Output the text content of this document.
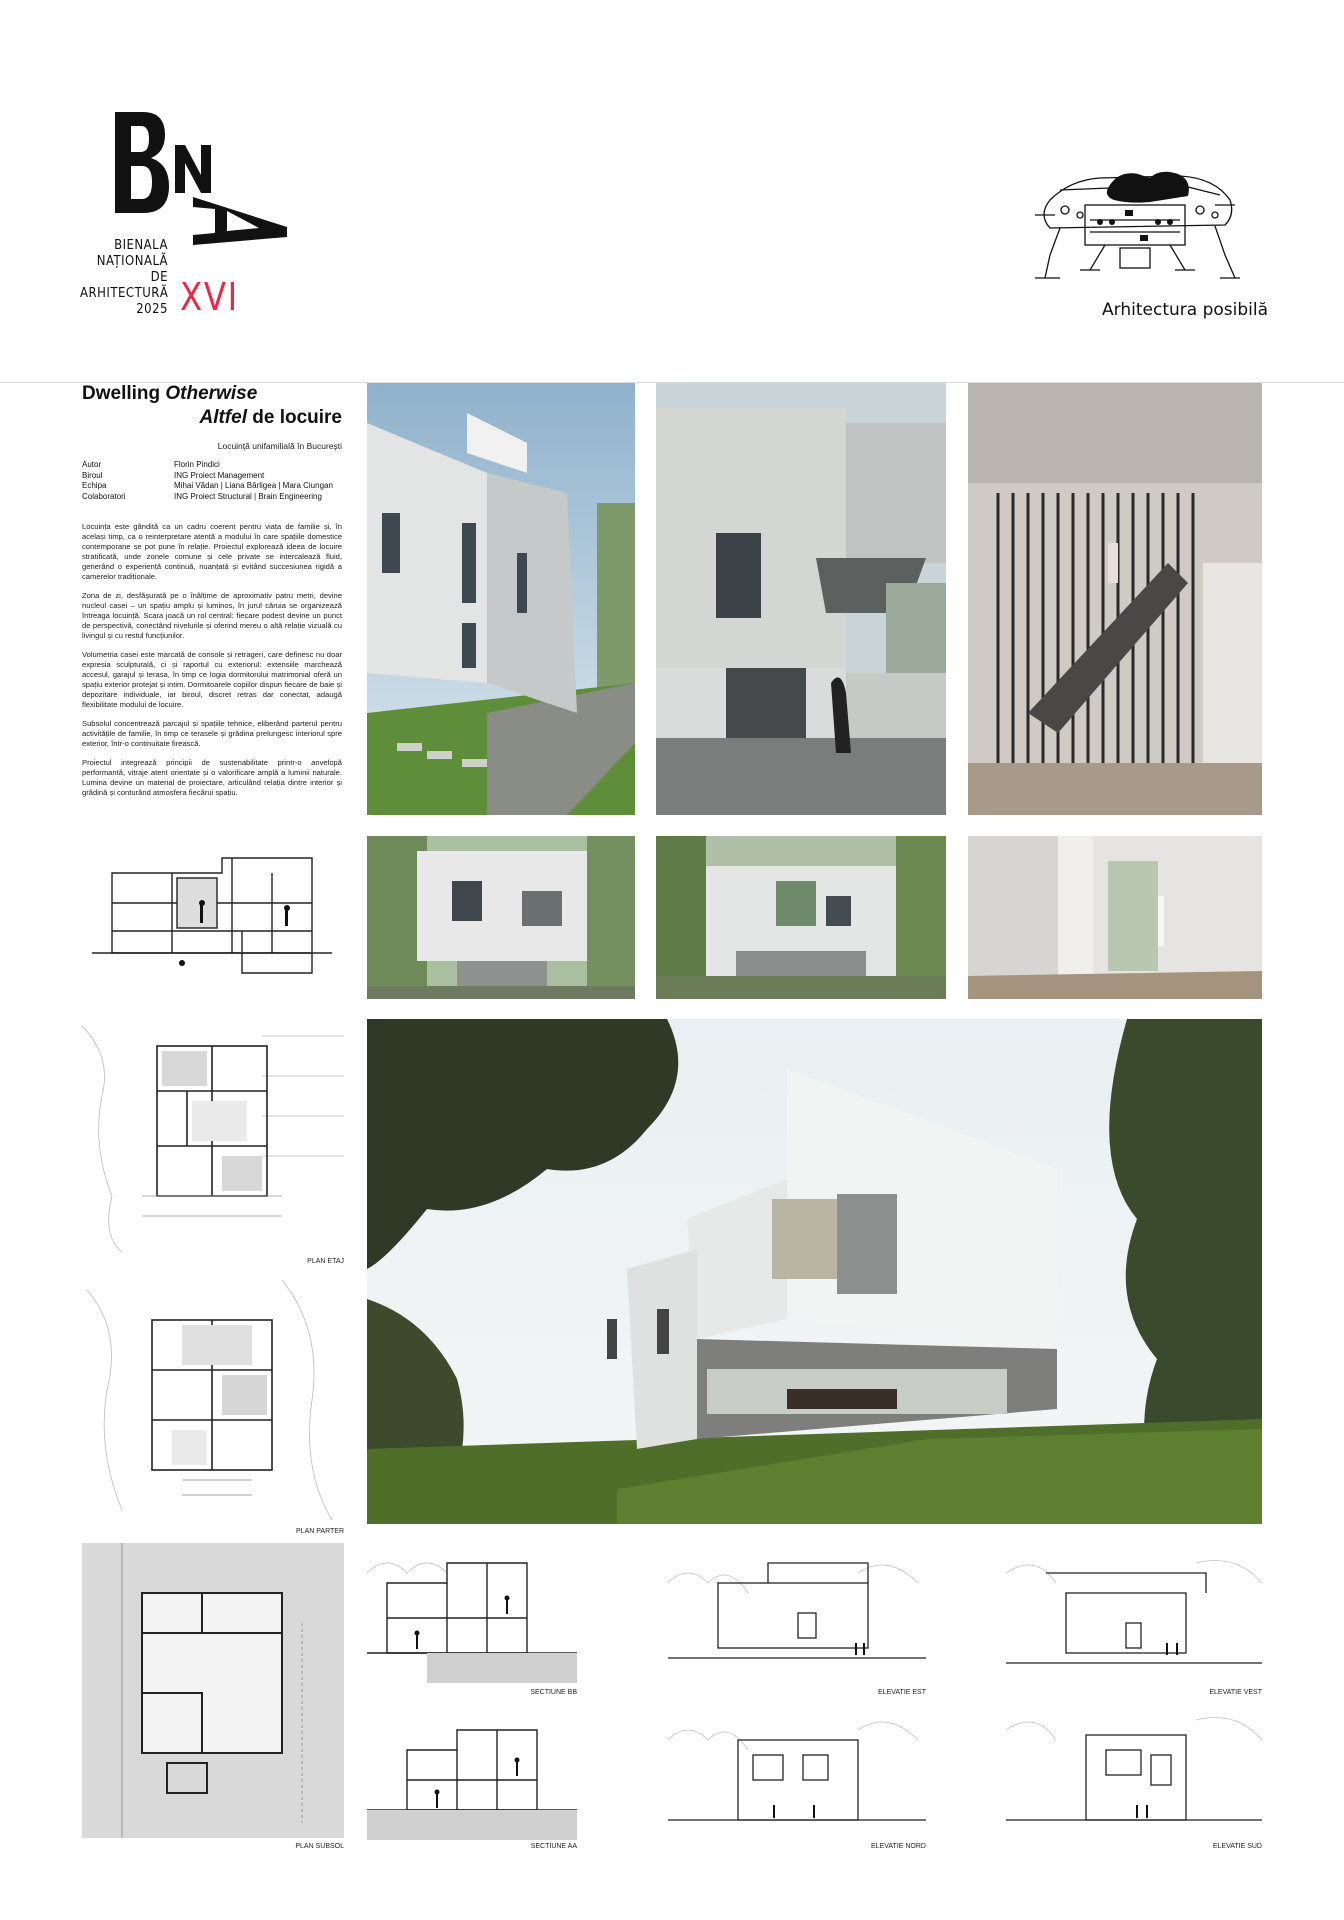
BIENALA
NAȚIONALĂ
DE
ARHITECTURĂ
2025 XVI	Arhitectura posibilă
Dwelling Otherwise
Altfel de locuire
Locuință unifamilială în București
Autor	Florin Pindici
Biroul	ING Proiect Management
Echipa	Mihai Vădan | Liana Bârligea | Mara Ciungan
Colaboratori	ING Proiect Structural | Brain Engineering

Locuința este gândită ca un cadru coerent pentru viața de familie și, în același timp, ca o reinterpretare atentă a modului în care spațiile domestice contemporane se pot pune în relație. Proiectul explorează ideea de locuire stratificată, unde zonele comune și cele private se intercalează fluid, generând o experiență continuă, nuanțată și evitând succesiunea rigidă a camerelor tradiționale.

Zona de zi, desfășurată pe o înălțime de aproximativ patru metri, devine nucleul casei – un spațiu amplu și luminos, în jurul căruia se organizează întreaga locuință. Scara joacă un rol central: fiecare podest devine un punct de perspectivă, conectând nivelurile și oferind mereu o altă relație vizuală cu livingul și cu restul funcțiunilor.

Volumetria casei este marcată de console și retrageri, care definesc nu doar expresia sculpturală, ci și raportul cu exteriorul: extensiile marchează accesul, garajul și terasa, în timp ce logia dormitorului matrimonial oferă un spațiu exterior protejat și intim. Dormitoarele copiilor dispun fiecare de baie și depozitare individuale, iar biroul, discret retras dar conectat, adaugă flexibilitate modului de locuire.

Subsolul concentrează parcajul și spațiile tehnice, eliberând parterul pentru activitățile de familie, în timp ce terasele și grădina prelungesc interiorul spre exterior, într-o continuitate firească.

Proiectul integrează principii de sustenabilitate printr-o anvelopă performantă, vitraje atent orientate și o valorificare amplă a luminii naturale. Lumina devine un material de proiectare, articulând relația dintre interior și grădină și conturând atmosfera fiecărui spațiu.

PLAN ETAJ
PLAN PARTER
PLAN SUBSOL
SECTIUNE BB
SECTIUNE AA
ELEVATIE EST	ELEVATIE VEST
ELEVATIE NORD	ELEVATIE SUD
